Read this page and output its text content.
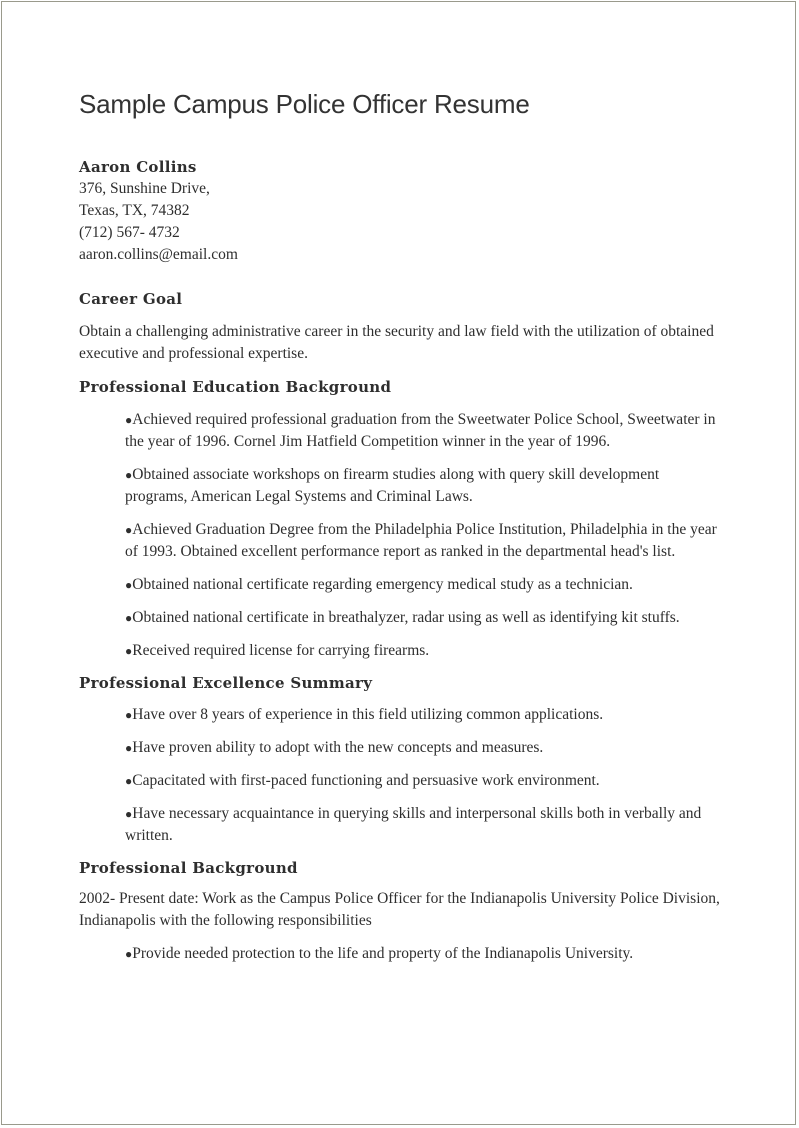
Sample Campus Police Officer Resume

Aaron Collins

376, Sunshine Drive,

Texas, TX, 74382

(712) 567- 4732

aaron.collins@email.com

Career Goal

Obtain a challenging administrative career in the security and law field with the utilization of obtained executive and professional expertise.

Professional Education Background

●Achieved required professional graduation from the Sweetwater Police School, Sweetwater in the year of 1996. Cornel Jim Hatfield Competition winner in the year of 1996.
●Obtained associate workshops on firearm studies along with query skill development programs, American Legal Systems and Criminal Laws.
●Achieved Graduation Degree from the Philadelphia Police Institution, Philadelphia in the year of 1993. Obtained excellent performance report as ranked in the departmental head's list.
●Obtained national certificate regarding emergency medical study as a technician.
●Obtained national certificate in breathalyzer, radar using as well as identifying kit stuffs.
●Received required license for carrying firearms.

Professional Excellence Summary

●Have over 8 years of experience in this field utilizing common applications.
●Have proven ability to adopt with the new concepts and measures.
●Capacitated with first-paced functioning and persuasive work environment.
●Have necessary acquaintance in querying skills and interpersonal skills both in verbally and written.

Professional Background

2002- Present date: Work as the Campus Police Officer for the Indianapolis University Police Division, Indianapolis with the following responsibilities

●Provide needed protection to the life and property of the Indianapolis University.
